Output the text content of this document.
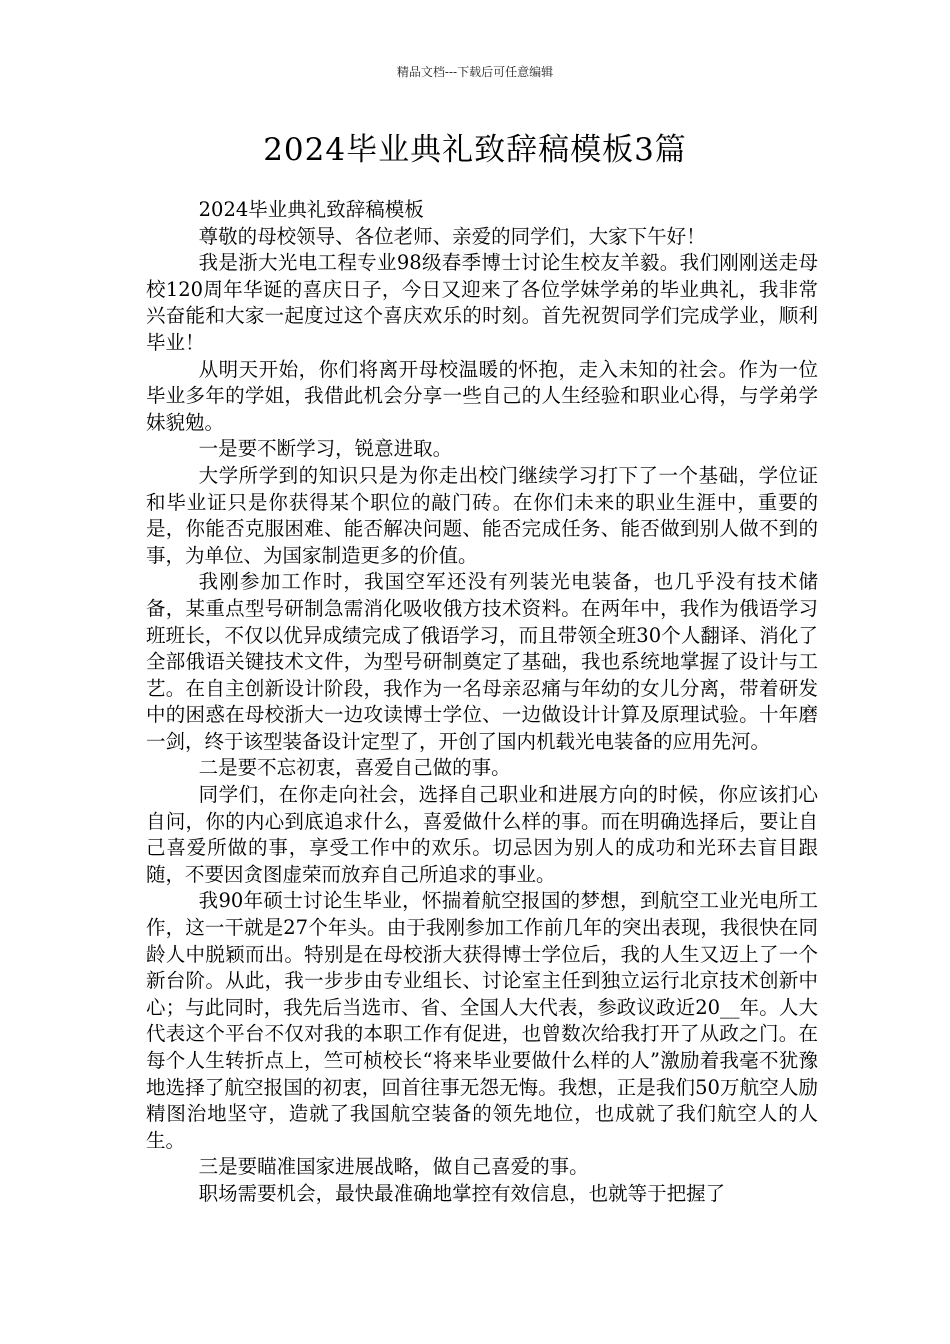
精品文档---下载后可任意编辑
2024毕业典礼致辞稿模板3篇

2024毕业典礼致辞稿模板

尊敬的母校领导、各位老师、亲爱的同学们，大家下午好！

我是浙大光电工程专业98级春季博士讨论生校友羊毅。我们刚刚送走母校120周年华诞的喜庆日子，今日又迎来了各位学妹学弟的毕业典礼，我非常兴奋能和大家一起度过这个喜庆欢乐的时刻。首先祝贺同学们完成学业，顺利毕业！

从明天开始，你们将离开母校温暖的怀抱，走入未知的社会。作为一位毕业多年的学姐，我借此机会分享一些自己的人生经验和职业心得，与学弟学妹貌勉。

一是要不断学习，锐意进取。

大学所学到的知识只是为你走出校门继续学习打下了一个基础，学位证和毕业证只是你获得某个职位的敲门砖。在你们未来的职业生涯中，重要的是，你能否克服困难、能否解决问题、能否完成任务、能否做到别人做不到的事，为单位、为国家制造更多的价值。

我刚参加工作时，我国空军还没有列装光电装备，也几乎没有技术储备，某重点型号研制急需消化吸收俄方技术资料。在两年中，我作为俄语学习班班长，不仅以优异成绩完成了俄语学习，而且带领全班30个人翻译、消化了全部俄语关键技术文件，为型号研制奠定了基础，我也系统地掌握了设计与工艺。在自主创新设计阶段，我作为一名母亲忍痛与年幼的女儿分离，带着研发中的困惑在母校浙大一边攻读博士学位、一边做设计计算及原理试验。十年磨一剑，终于该型装备设计定型了，开创了国内机载光电装备的应用先河。

二是要不忘初衷，喜爱自己做的事。

同学们，在你走向社会，选择自己职业和进展方向的时候，你应该扪心自问，你的内心到底追求什么，喜爱做什么样的事。而在明确选择后，要让自己喜爱所做的事，享受工作中的欢乐。切忌因为别人的成功和光环去盲目跟随，不要因贪图虚荣而放弃自己所追求的事业。

我90年硕士讨论生毕业，怀揣着航空报国的梦想，到航空工业光电所工作，这一干就是27个年头。由于我刚参加工作前几年的突出表现，我很快在同龄人中脱颖而出。特别是在母校浙大获得博士学位后，我的人生又迈上了一个新台阶。从此，我一步步由专业组长、讨论室主任到独立运行北京技术创新中心；与此同时，我先后当选市、省、全国人大代表，参政议政近20__年。人大代表这个平台不仅对我的本职工作有促进，也曾数次给我打开了从政之门。在每个人生转折点上，竺可桢校长“将来毕业要做什么样的人”激励着我毫不犹豫地选择了航空报国的初衷，回首往事无怨无悔。我想，正是我们50万航空人励精图治地坚守，造就了我国航空装备的领先地位，也成就了我们航空人的人生。

三是要瞄准国家进展战略，做自己喜爱的事。

职场需要机会，最快最准确地掌控有效信息，也就等于把握了
